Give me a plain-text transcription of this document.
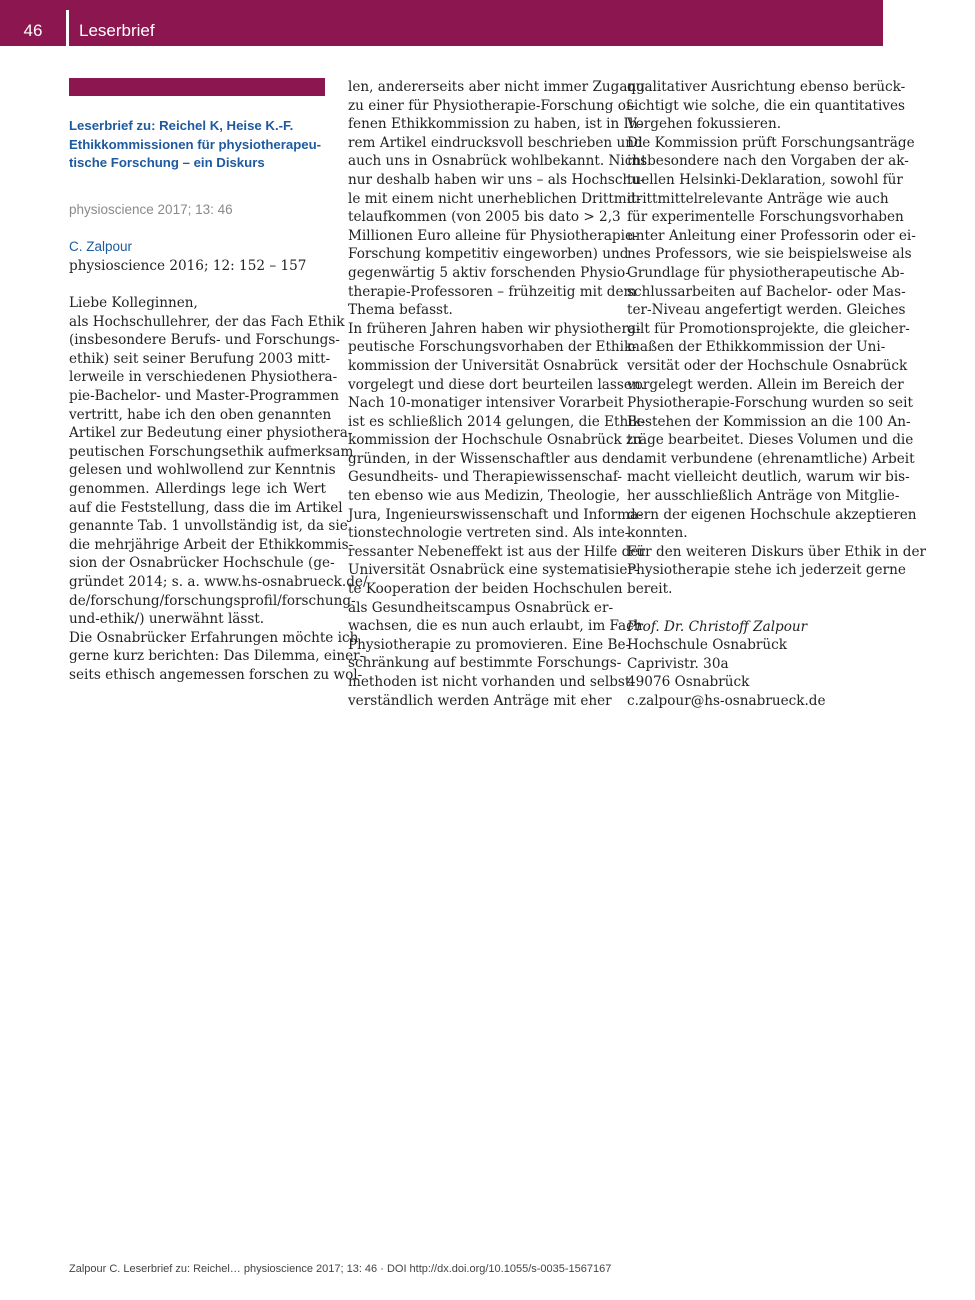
46	Leserbrief
Leserbrief zu: Reichel K, Heise K.-F.
Ethikkommissionen für physiotherapeu-
tische Forschung – ein Diskurs
physioscience 2017; 13: 46
C. Zalpour

physioscience 2016; 12: 152 – 157

Liebe Kolleginnen,

als Hochschullehrer, der das Fach Ethik
(insbesondere Berufs- und Forschungs-
ethik) seit seiner Berufung 2003 mitt-
lerweile in verschiedenen Physiothera-
pie-Bachelor- und Master-Programmen
vertritt, habe ich den oben genannten
Artikel zur Bedeutung einer physiothera-
peutischen Forschungsethik aufmerksam
gelesen und wohlwollend zur Kenntnis
genommen. Allerdings lege ich Wert
auf die Feststellung, dass die im Artikel
genannte Tab. 1 unvollständig ist, da sie
die mehrjährige Arbeit der Ethikkommis-
sion der Osnabrücker Hochschule (ge-
gründet 2014; s. a. www.hs-osnabrueck.de/
de/forschung/forschungsprofil/forschung-
und-ethik/) unerwähnt lässt.

Die Osnabrücker Erfahrungen möchte ich
gerne kurz berichten: Das Dilemma, einer-
seits ethisch angemessen forschen zu wol-

len, andererseits aber nicht immer Zugang
zu einer für Physiotherapie-Forschung of-
fenen Ethikkommission zu haben, ist in Ih-
rem Artikel eindrucksvoll beschrieben und
auch uns in Osnabrück wohlbekannt. Nicht
nur deshalb haben wir uns – als Hochschu-
le mit einem nicht unerheblichen Drittmit-
telaufkommen (von 2005 bis dato > 2,3
Millionen Euro alleine für Physiotherapie-
Forschung kompetitiv eingeworben) und
gegenwärtig 5 aktiv forschenden Physio-
therapie-Professoren – frühzeitig mit dem
Thema befasst.

In früheren Jahren haben wir physiothera-
peutische Forschungsvorhaben der Ethik-
kommission der Universität Osnabrück
vorgelegt und diese dort beurteilen lassen.
Nach 10-monatiger intensiver Vorarbeit
ist es schließlich 2014 gelungen, die Ethik-
kommission der Hochschule Osnabrück zu
gründen, in der Wissenschaftler aus den
Gesundheits- und Therapiewissenschaf-
ten ebenso wie aus Medizin, Theologie,
Jura, Ingenieurswissenschaft und Informa-
tionstechnologie vertreten sind. Als inte-
ressanter Nebeneffekt ist aus der Hilfe der
Universität Osnabrück eine systematisier-
te Kooperation der beiden Hochschulen
als Gesundheitscampus Osnabrück er-
wachsen, die es nun auch erlaubt, im Fach
Physiotherapie zu promovieren. Eine Be-
schränkung auf bestimmte Forschungs-
methoden ist nicht vorhanden und selbst-
verständlich werden Anträge mit eher

qualitativer Ausrichtung ebenso berück-
sichtigt wie solche, die ein quantitatives
Vorgehen fokussieren.

Die Kommission prüft Forschungsanträge
insbesondere nach den Vorgaben der ak-
tuellen Helsinki-Deklaration, sowohl für
drittmittelrelevante Anträge wie auch
für experimentelle Forschungsvorhaben
unter Anleitung einer Professorin oder ei-
nes Professors, wie sie beispielsweise als
Grundlage für physiotherapeutische Ab-
schlussarbeiten auf Bachelor- oder Mas-
ter-Niveau angefertigt werden. Gleiches
gilt für Promotionsprojekte, die gleicher-
maßen der Ethikkommission der Uni-
versität oder der Hochschule Osnabrück
vorgelegt werden. Allein im Bereich der
Physiotherapie-Forschung wurden so seit
Bestehen der Kommission an die 100 An-
träge bearbeitet. Dieses Volumen und die
damit verbundene (ehrenamtliche) Arbeit
macht vielleicht deutlich, warum wir bis-
her ausschließlich Anträge von Mitglie-
dern der eigenen Hochschule akzeptieren
konnten.

Für den weiteren Diskurs über Ethik in der
Physiotherapie stehe ich jederzeit gerne
bereit.

Prof. Dr. Christoff Zalpour
Hochschule Osnabrück
Caprivistr. 30a
49076 Osnabrück
c.zalpour@hs-osnabrueck.de

Zalpour C. Leserbrief zu: Reichel… physioscience 2017; 13: 46 · DOI http://dx.doi.org/10.1055/s-0035-1567167
